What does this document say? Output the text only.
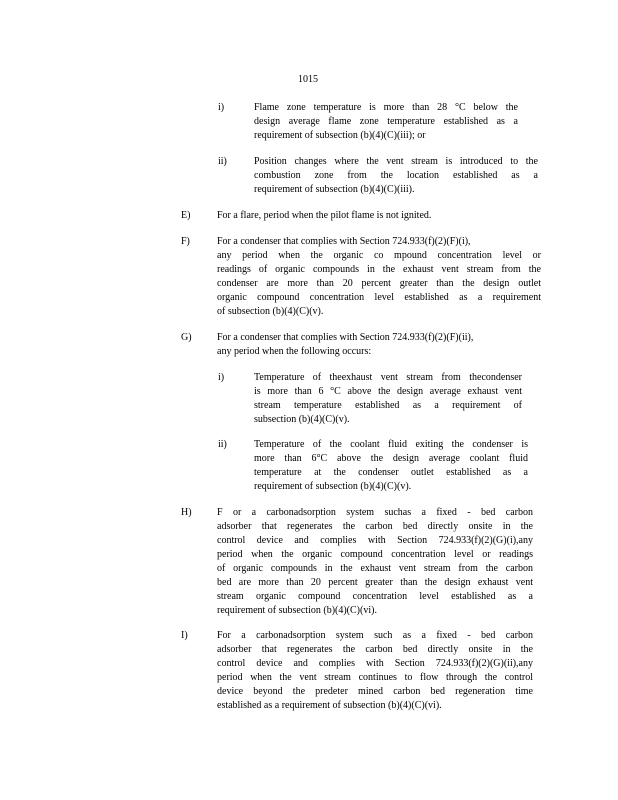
1015
i)	Flame zone temperature is more than 28 °C below the
design average flame zone temperature established as a
requirement of subsection (b)(4)(C)(iii); or
ii)	Position changes where the vent stream is introduced to the
combustion zone from the location established as a
requirement of subsection (b)(4)(C)(iii).
E)	For a flare, period when the pilot flame is not ignited.
F)	For a condenser that complies with Section 724.933(f)(2)(F)(i),
any period when the organic co mpound concentration level or
readings of organic compounds in the exhaust vent stream from the
condenser are more than 20 percent greater than the design outlet
organic compound concentration level established as a requirement
of subsection (b)(4)(C)(v).
G)	For a condenser that complies with Section 724.933(f)(2)(F)(ii),
any period when the following occurs:
i)	Temperature of theexhaust vent stream from thecondenser
is more than 6 °C above the design average exhaust vent
stream temperature established as a requirement of
subsection (b)(4)(C)(v).
ii)	Temperature of the coolant fluid exiting the condenser is
more than 6°C above the design average coolant fluid
temperature at the condenser outlet established as a
requirement of subsection (b)(4)(C)(v).
H)	F or a carbonadsorption system suchas a fixed - bed carbon
adsorber that regenerates the carbon bed directly onsite in the
control device and complies with Section 724.933(f)(2)(G)(i),any
period when the organic compound concentration level or readings
of organic compounds in the exhaust vent stream from the carbon
bed are more than 20 percent greater than the design exhaust vent
stream organic compound concentration level established as a
requirement of subsection (b)(4)(C)(vi).
I)	For a carbonadsorption system such as a fixed - bed carbon
adsorber that regenerates the carbon bed directly onsite in the
control device and complies with Section 724.933(f)(2)(G)(ii),any
period when the vent stream continues to flow through the control
device beyond the predeter mined carbon bed regeneration time
established as a requirement of subsection (b)(4)(C)(vi).
